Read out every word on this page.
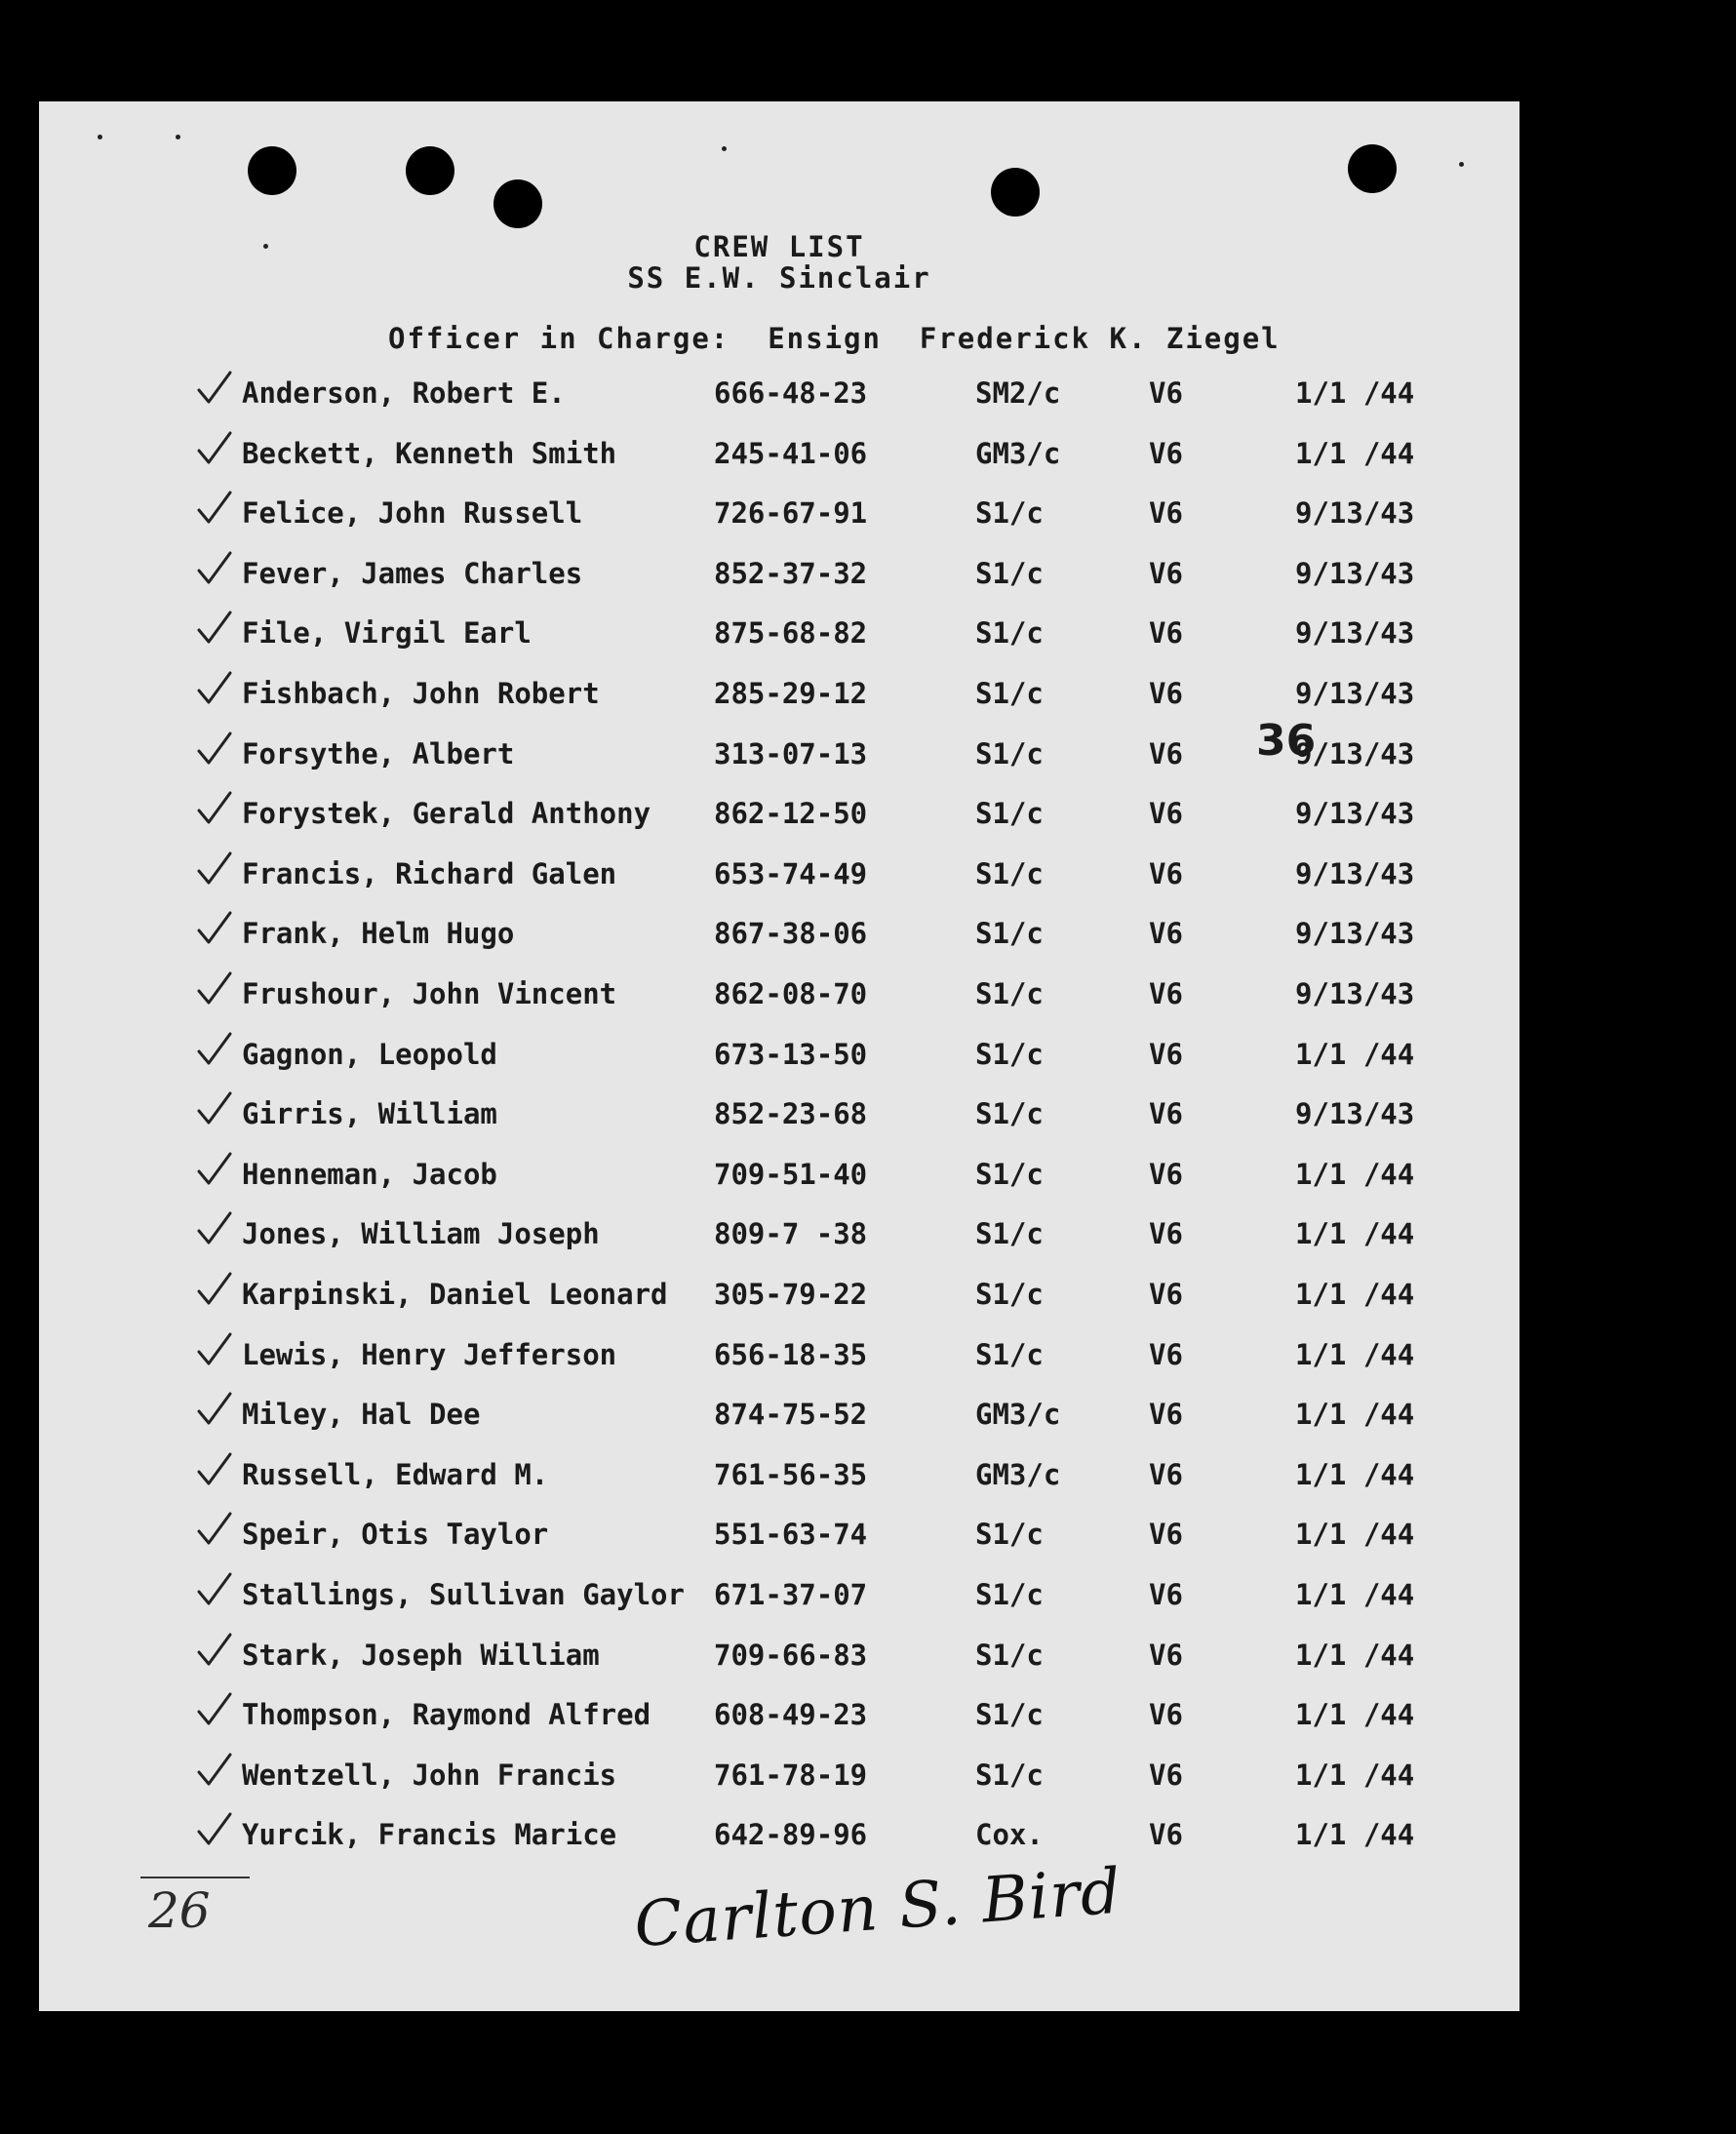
CREW LIST
SS E.W. Sinclair
Officer in Charge: Ensign Frederick K. Ziegel
Anderson, Robert E.	666-48-23	SM2/c	V6	1/1 /44
Beckett, Kenneth Smith	245-41-06	GM3/c	V6	1/1 /44
Felice, John Russell	726-67-91	S1/c	V6	9/13/43
Fever, James Charles	852-37-32	S1/c	V6	9/13/43
File, Virgil Earl	875-68-82	S1/c	V6	9/13/43
Fishbach, John Robert	285-29-12	S1/c	V6	9/13/43
Forsythe, Albert	313-07-13	S1/c	V6	9/13/43
Forystek, Gerald Anthony 862-12-50	S1/c	V6	9/13/43
Francis, Richard Galen	653-74-49	S1/c	V6	9/13/43
Frank, Helm Hugo	867-38-06	S1/c	V6	9/13/43
Frushour, John Vincent	862-08-70	S1/c	V6	9/13/43
Gagnon, Leopold	673-13-50	S1/c	V6	1/1 /44
Girris, William	852-23-68	S1/c	V6	9/13/43
Henneman, Jacob	709-51-40	S1/c	V6	1/1 /44
Jones, William Joseph	809-7 -38	S1/c	V6	1/1 /44
Karpinski, Daniel Leonard 305-79-22	S1/c	V6	1/1 /44
Lewis, Henry Jefferson	656-18-35	S1/c	V6	1/1 /44
Miley, Hal Dee	874-75-52	GM3/c	V6	1/1 /44
Russell, Edward M.	761-56-35	GM3/c	V6	1/1 /44
Speir, Otis Taylor	551-63-74	S1/c	V6	1/1 /44
Stallings, Sullivan Gaylor 671-37-07	S1/c	V6	1/1 /44
Stark, Joseph William	709-66-83	S1/c	V6	1/1 /44
Thompson, Raymond Alfred 608-49-23	S1/c	V6	1/1 /44
Wentzell, John Francis	761-78-19	S1/c	V6	1/1 /44
Yurcik, Francis Marice	642-89-96	Cox.	V6	1/1 /44
36
26	Carlton S. Bird
